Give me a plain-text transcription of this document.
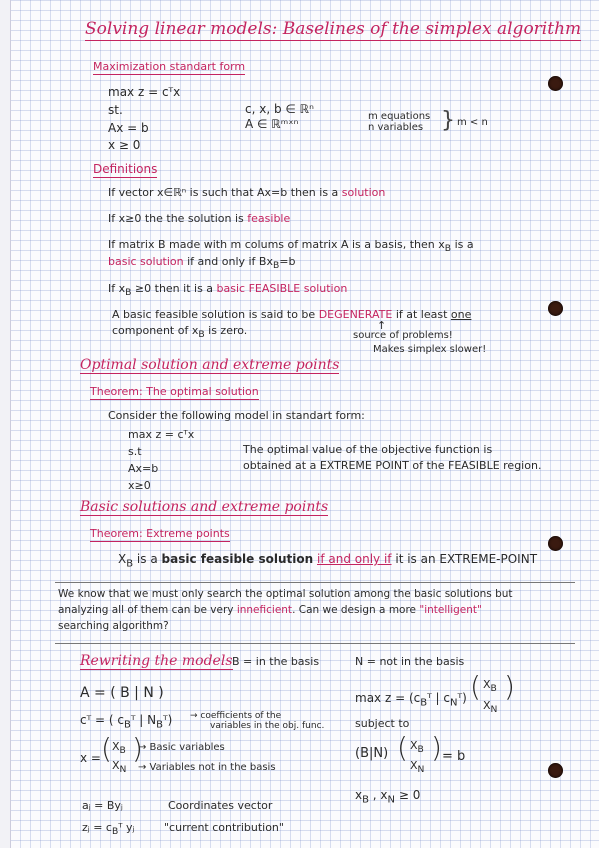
Solving linear models: Baselines of the simplex algorithm
Maximization standart form
max z = cᵀx
st.
Ax = b
x ≥ 0
c, x, b ∈ ℝⁿ
A ∈ ℝᵐˣⁿ
m equations
n variables } m < n
Definitions
If vector x∈ℝⁿ is such that Ax=b then is a solution
If x≥0 the the solution is feasible
If matrix B made with m colums of matrix A is a basis, then $x_B$ is a
basic solution if and only if $Bx_B=b$
If $x_B \ge 0$ then it is a basic FEASIBLE solution
A basic feasible solution is said to be DEGENERATE if at least one
component of $x_B$ is zero.	↑
source of problems!
Makes simplex slower!
Optimal solution and extreme points
Theorem: The optimal solution
Consider the following model in standart form:
max z = cᵀx
s.t
Ax=b
x≥0
The optimal value of the objective function is
obtained at a EXTREME POINT of the FEASIBLE region.
Basic solutions and extreme points
Theorem: Extreme points
$X_B$ is a basic feasible solution if and only if it is an EXTREME-POINT
We know that we must only search the optimal solution among the basic solutions but
analyzing all of them can be very inneficient. Can we design a more "intelligent"
searching algorithm?
Rewriting the models B = in the basis	N = not in the basis
A = ( B | N )
cᵀ = ( $c_Bᵀ$ | $N_Bᵀ$) → coefficients of the
variables in the obj. func.
x = ( $X_B$
$X_N$
)
→ Basic variables
→ Variables not in the basis
aⱼ = Byⱼ	Coordinates vector
zⱼ = $c_Bᵀ$ yⱼ	"current contribution"
$\max z = (c_Bᵀ$ | $c_Nᵀ$) ( $X_B$
$X_N$
)
subject to
(B|N) ( $X_B$
$X_N$
) = b
$x_B$ , $x_N \ge 0$
